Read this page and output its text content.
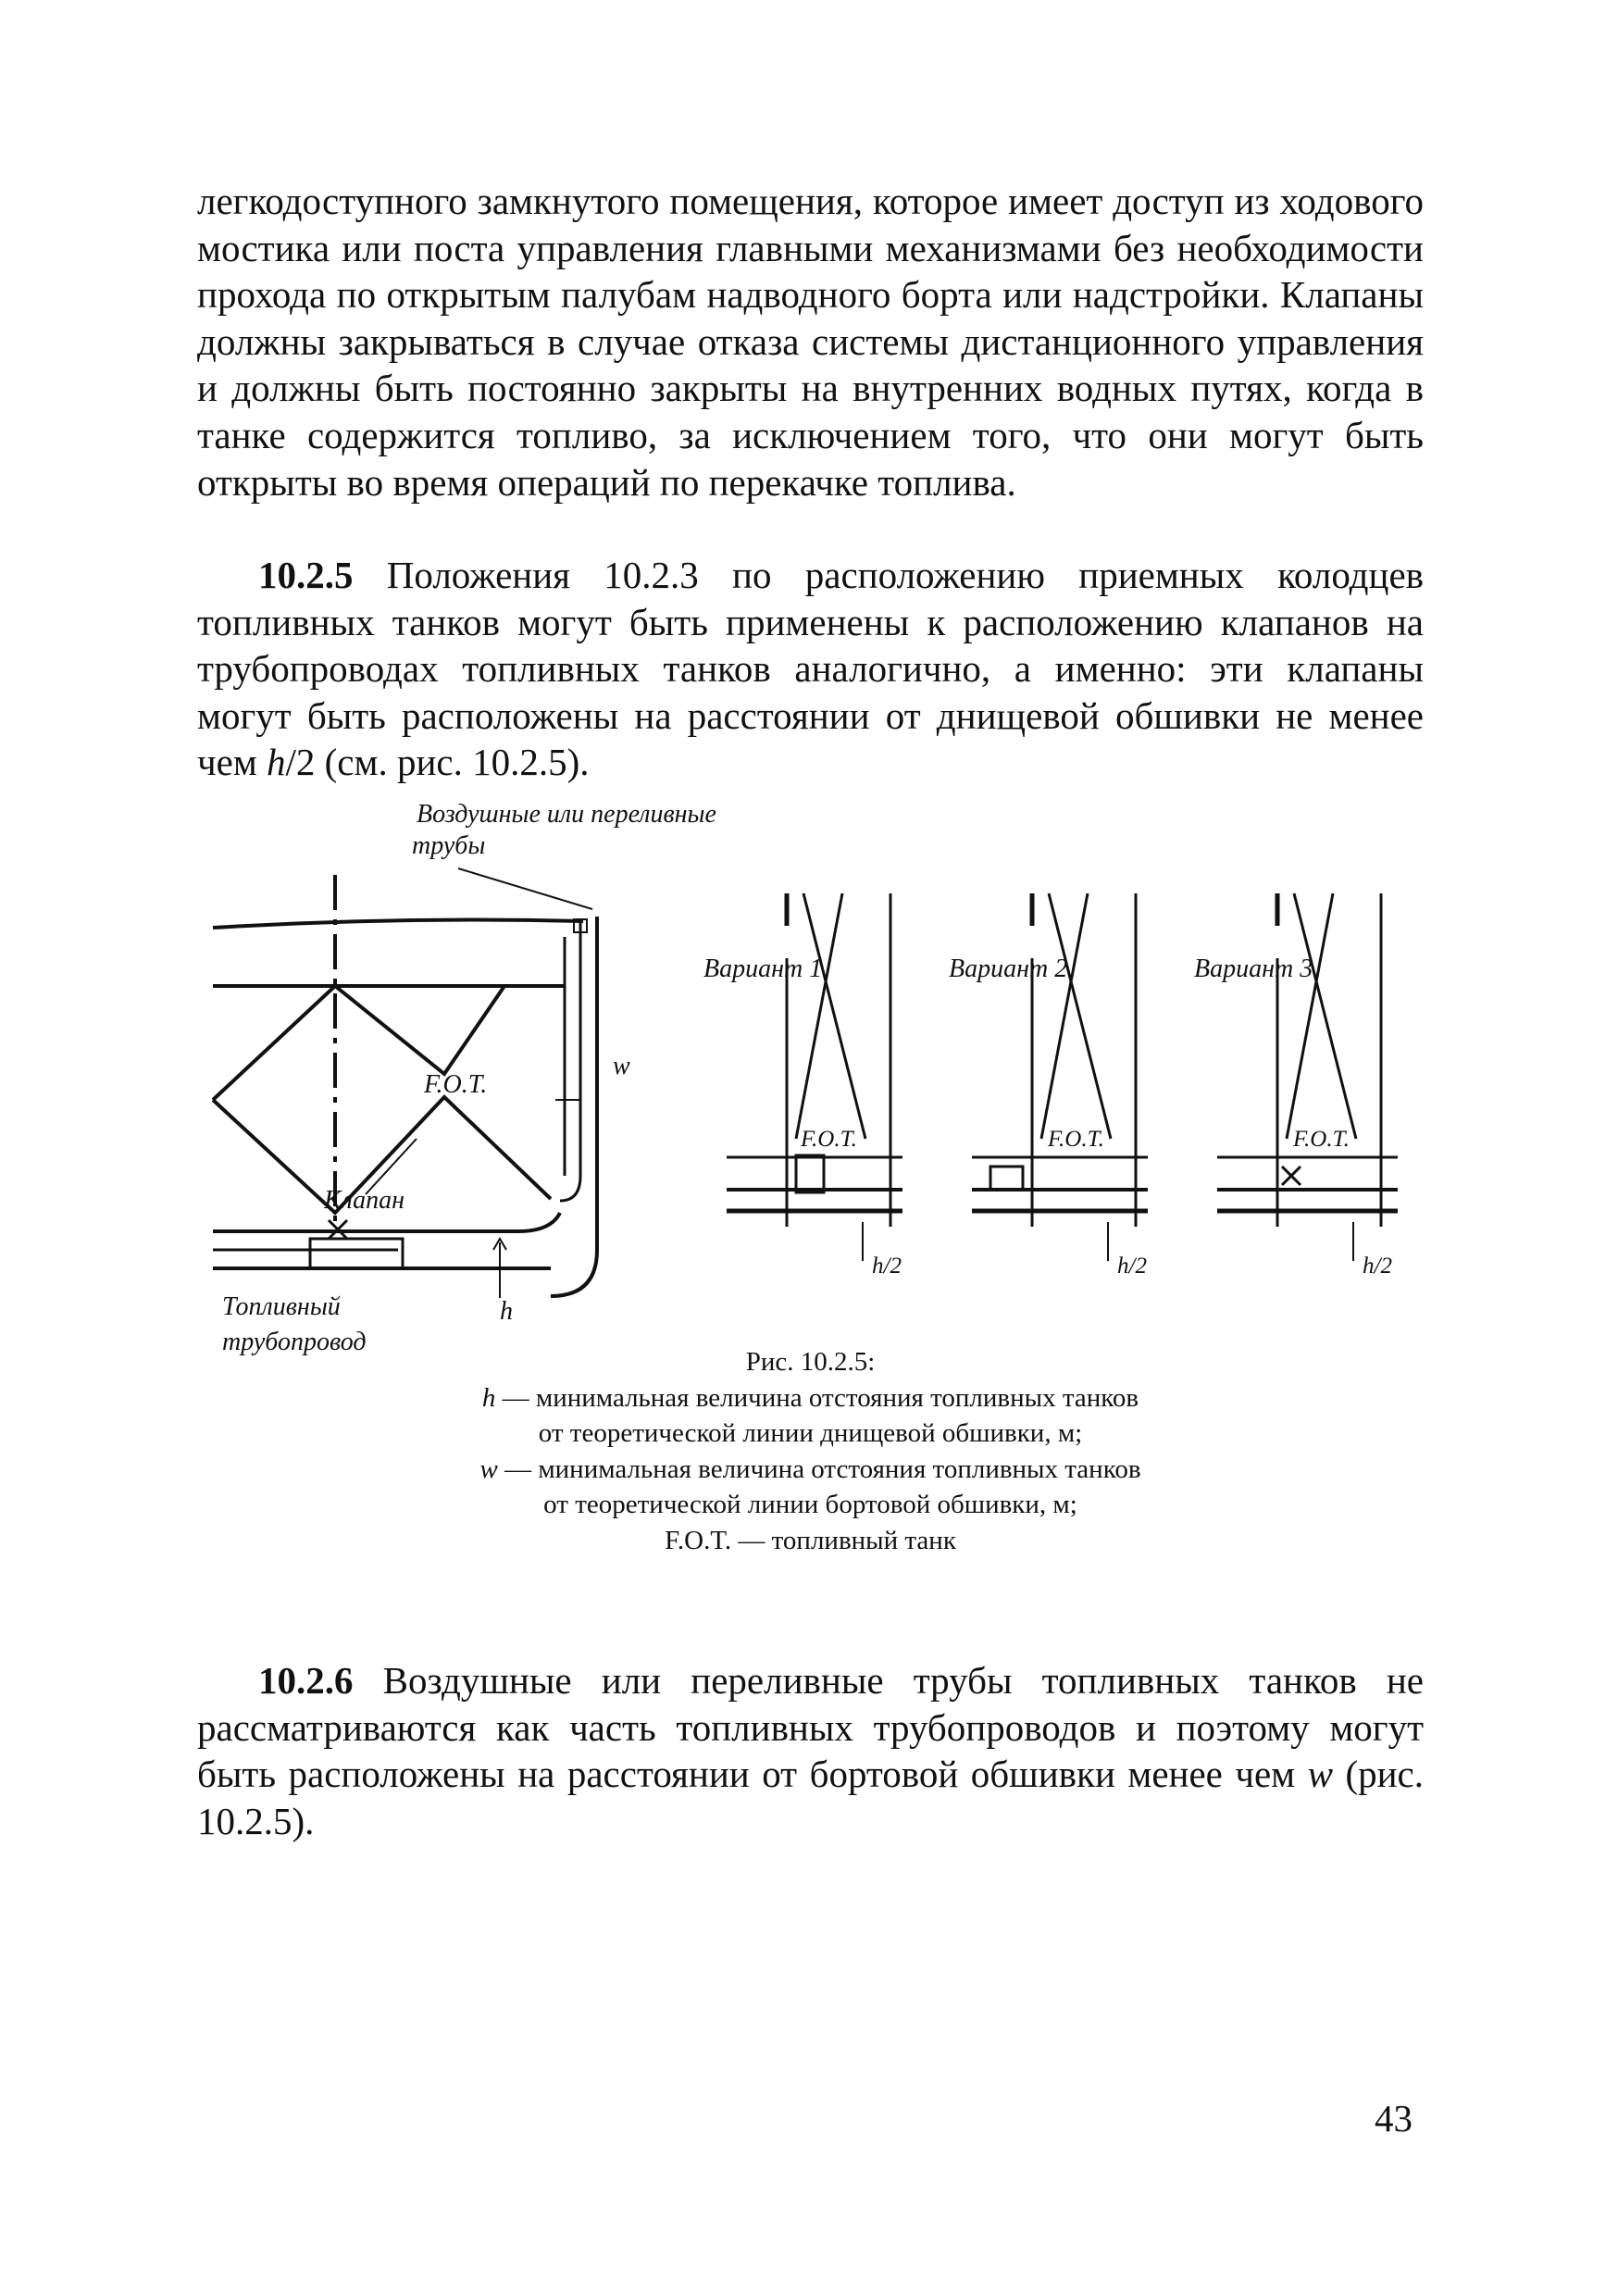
легкодоступного замкнутого помещения, которое имеет доступ из ходового мостика или поста управления главными механизмами без необходимости прохода по открытым палубам надводного борта или надстройки. Клапаны должны закрываться в случае отказа системы дистанционного управления и должны быть постоянно закрыты на внутренних водных путях, когда в танке содержится топливо, за исключением того, что они могут быть открыты во время операций по перекачке топлива.
10.2.5 Положения 10.2.3 по расположению приемных колодцев топливных танков могут быть применены к расположению клапанов на трубопроводах топливных танков аналогично, а именно: эти клапаны могут быть расположены на расстоянии от днищевой обшивки не менее чем h/2 (см. рис. 10.2.5).
Воздушные или переливные
трубы
F.O.T.
Клапан
w
h
Топливный
трубопровод
F.O.T.
Вариант 1
h/2
F.O.T.
Вариант 2
h/2
F.O.T.
Вариант 3
h/2
Рис. 10.2.5:
h — минимальная величина отстояния топливных танков
от теоретической линии днищевой обшивки, м;
w — минимальная величина отстояния топливных танков
от теоретической линии бортовой обшивки, м;
F.O.T. — топливный танк
10.2.6 Воздушные или переливные трубы топливных танков не рассматриваются как часть топливных трубопроводов и поэтому могут быть расположены на расстоянии от бортовой обшивки менее чем w (рис. 10.2.5).
43
